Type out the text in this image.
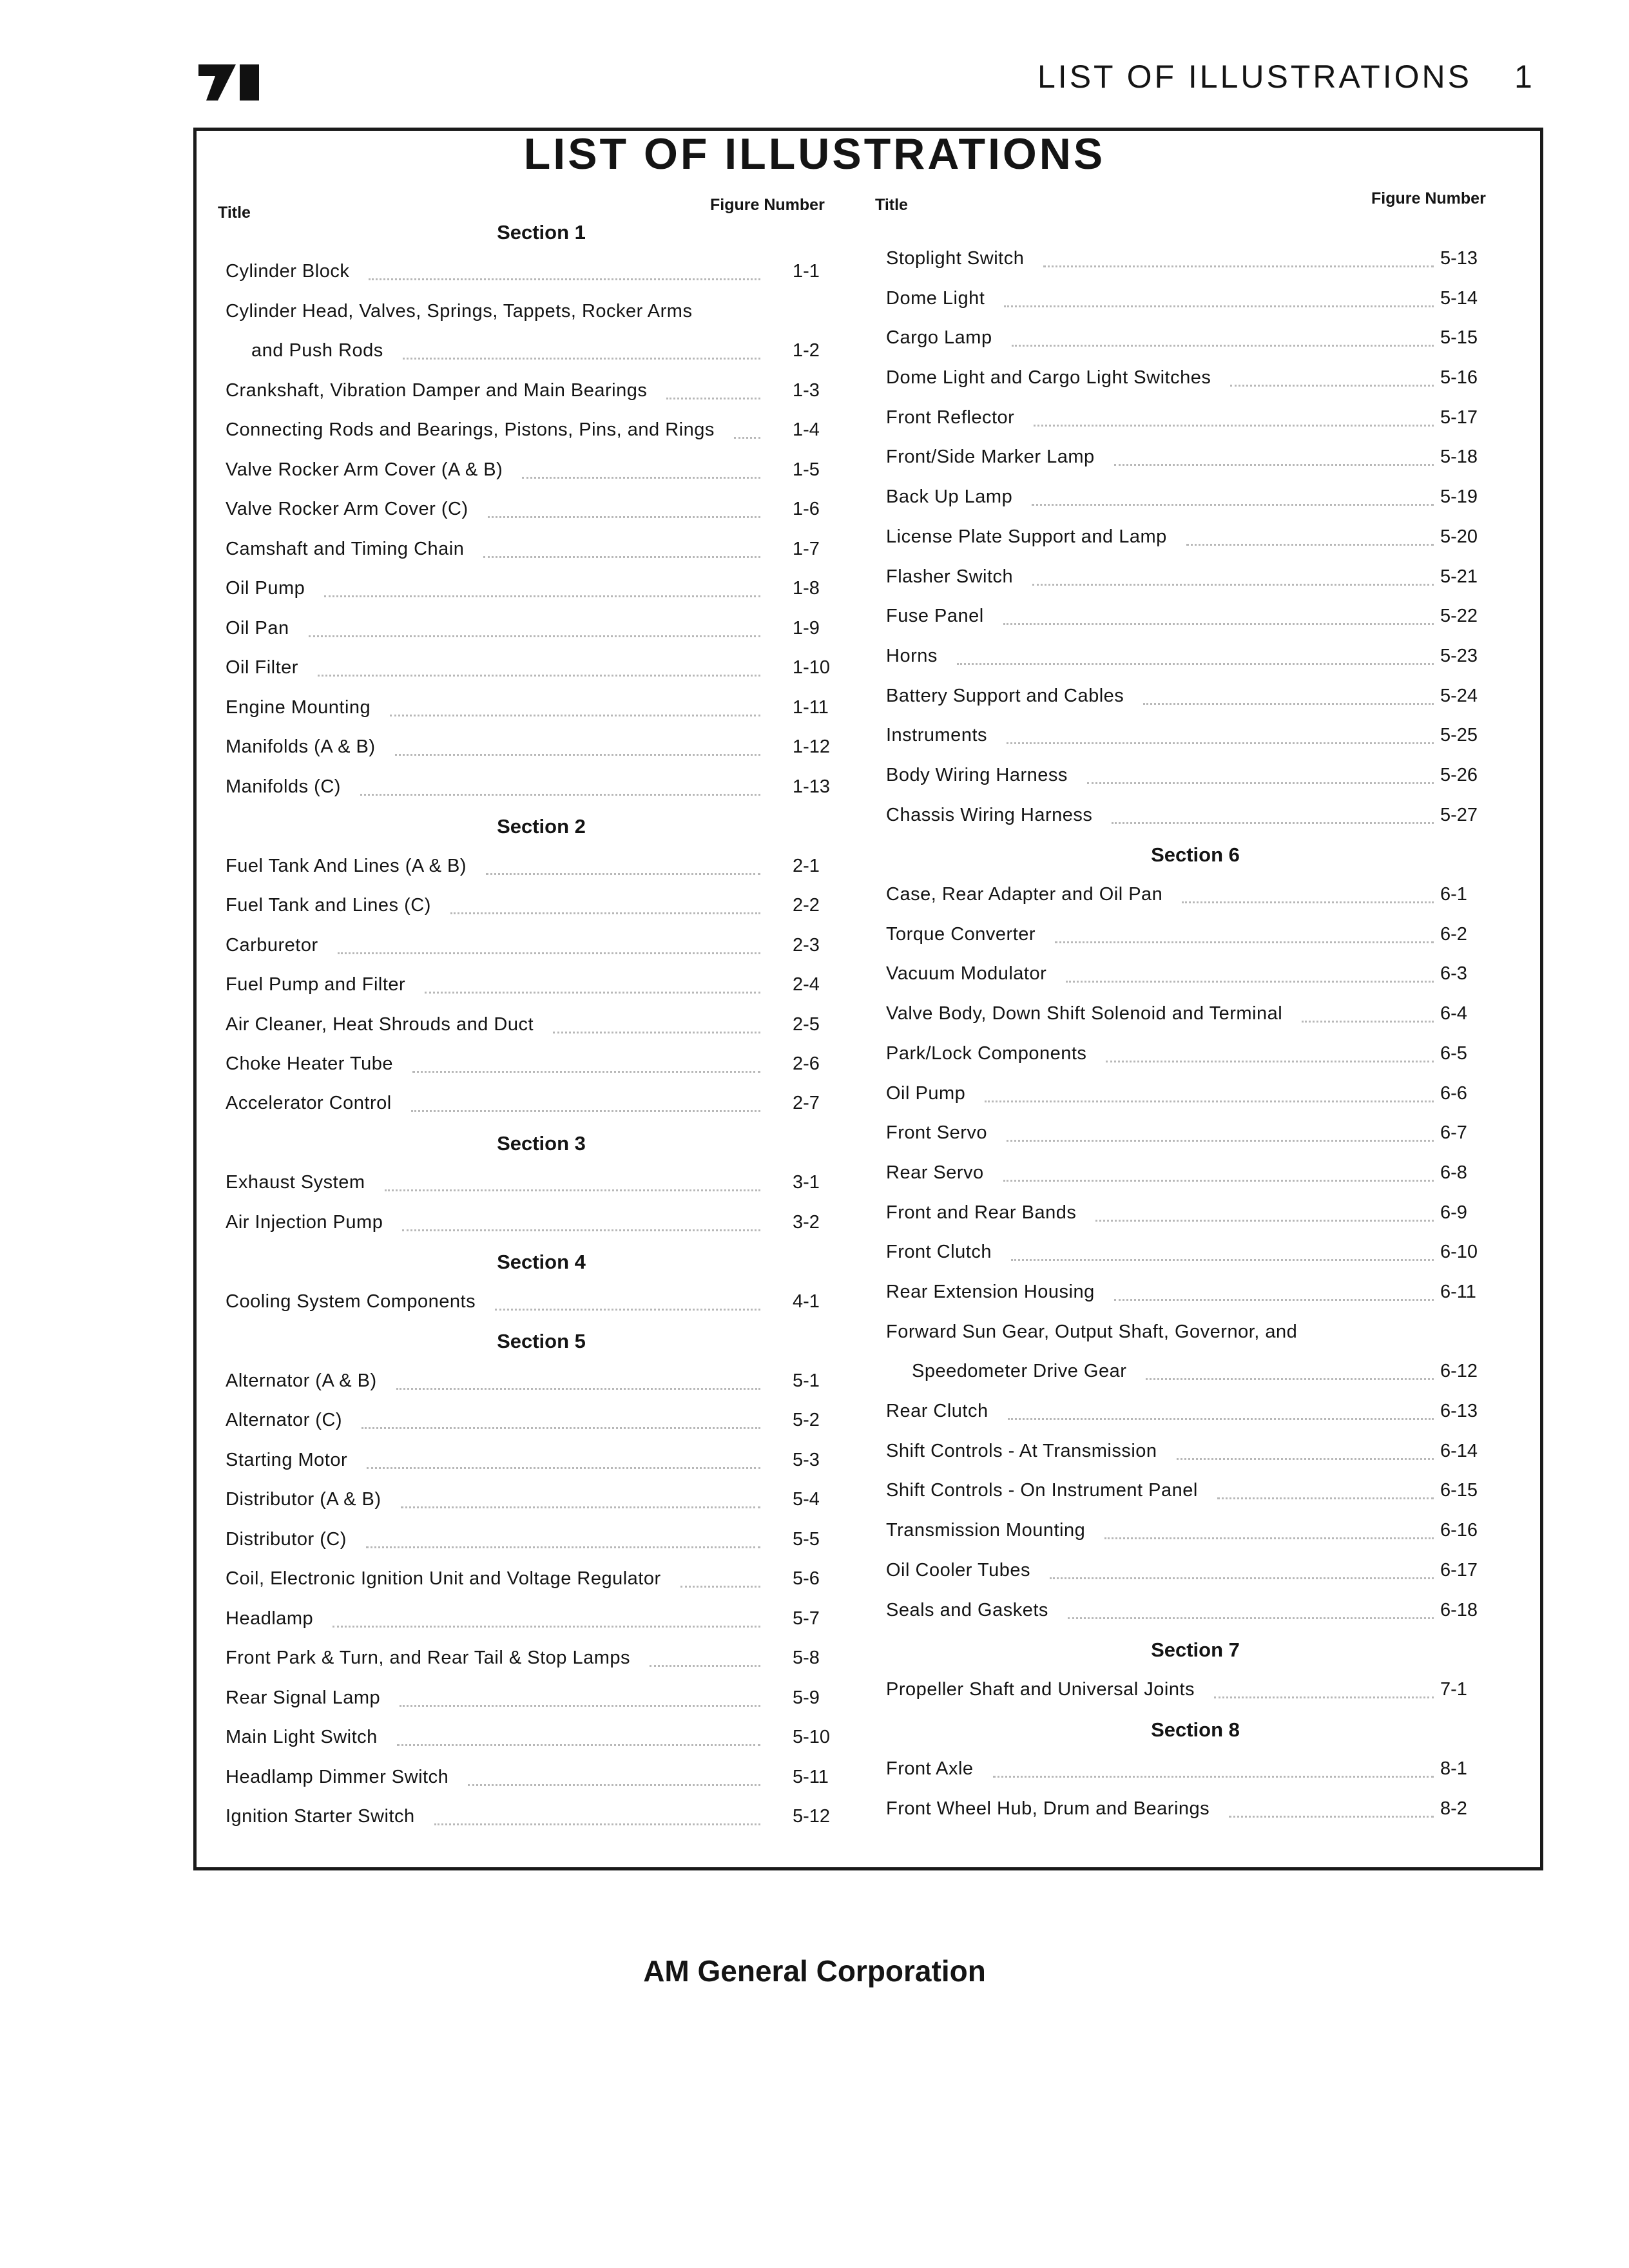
LIST OF ILLUSTRATIONS 1
LIST OF ILLUSTRATIONS
Title	Figure Number	Title	Figure Number
Section 1
Cylinder Block	1-1
Cylinder Head, Valves, Springs, Tappets, Rocker Arms
and Push Rods	1-2
Crankshaft, Vibration Damper and Main Bearings	1-3
Connecting Rods and Bearings, Pistons, Pins, and Rings	1-4
Valve Rocker Arm Cover (A & B)	1-5
Valve Rocker Arm Cover (C)	1-6
Camshaft and Timing Chain	1-7
Oil Pump	1-8
Oil Pan	1-9
Oil Filter	1-10
Engine Mounting	1-11
Manifolds (A & B)	1-12
Manifolds (C)	1-13
Section 2
Fuel Tank And Lines (A & B)	2-1
Fuel Tank and Lines (C)	2-2
Carburetor	2-3
Fuel Pump and Filter	2-4
Air Cleaner, Heat Shrouds and Duct	2-5
Choke Heater Tube	2-6
Accelerator Control	2-7
Section 3
Exhaust System	3-1
Air Injection Pump	3-2
Section 4
Cooling System Components	4-1
Section 5
Alternator (A & B)	5-1
Alternator (C)	5-2
Starting Motor	5-3
Distributor (A & B)	5-4
Distributor (C)	5-5
Coil, Electronic Ignition Unit and Voltage Regulator	5-6
Headlamp	5-7
Front Park & Turn, and Rear Tail & Stop Lamps	5-8
Rear Signal Lamp	5-9
Main Light Switch	5-10
Headlamp Dimmer Switch	5-11
Ignition Starter Switch	5-12
Stoplight Switch	5-13
Dome Light	5-14
Cargo Lamp	5-15
Dome Light and Cargo Light Switches	5-16
Front Reflector	5-17
Front/Side Marker Lamp	5-18
Back Up Lamp	5-19
License Plate Support and Lamp	5-20
Flasher Switch	5-21
Fuse Panel	5-22
Horns	5-23
Battery Support and Cables	5-24
Instruments	5-25
Body Wiring Harness	5-26
Chassis Wiring Harness	5-27
Section 6
Case, Rear Adapter and Oil Pan	6-1
Torque Converter	6-2
Vacuum Modulator	6-3
Valve Body, Down Shift Solenoid and Terminal	6-4
Park/Lock Components	6-5
Oil Pump	6-6
Front Servo	6-7
Rear Servo	6-8
Front and Rear Bands	6-9
Front Clutch	6-10
Rear Extension Housing	6-11
Forward Sun Gear, Output Shaft, Governor, and
Speedometer Drive Gear	6-12
Rear Clutch	6-13
Shift Controls - At Transmission	6-14
Shift Controls - On Instrument Panel	6-15
Transmission Mounting	6-16
Oil Cooler Tubes	6-17
Seals and Gaskets	6-18
Section 7
Propeller Shaft and Universal Joints	7-1
Section 8
Front Axle	8-1
Front Wheel Hub, Drum and Bearings	8-2
AM General Corporation
